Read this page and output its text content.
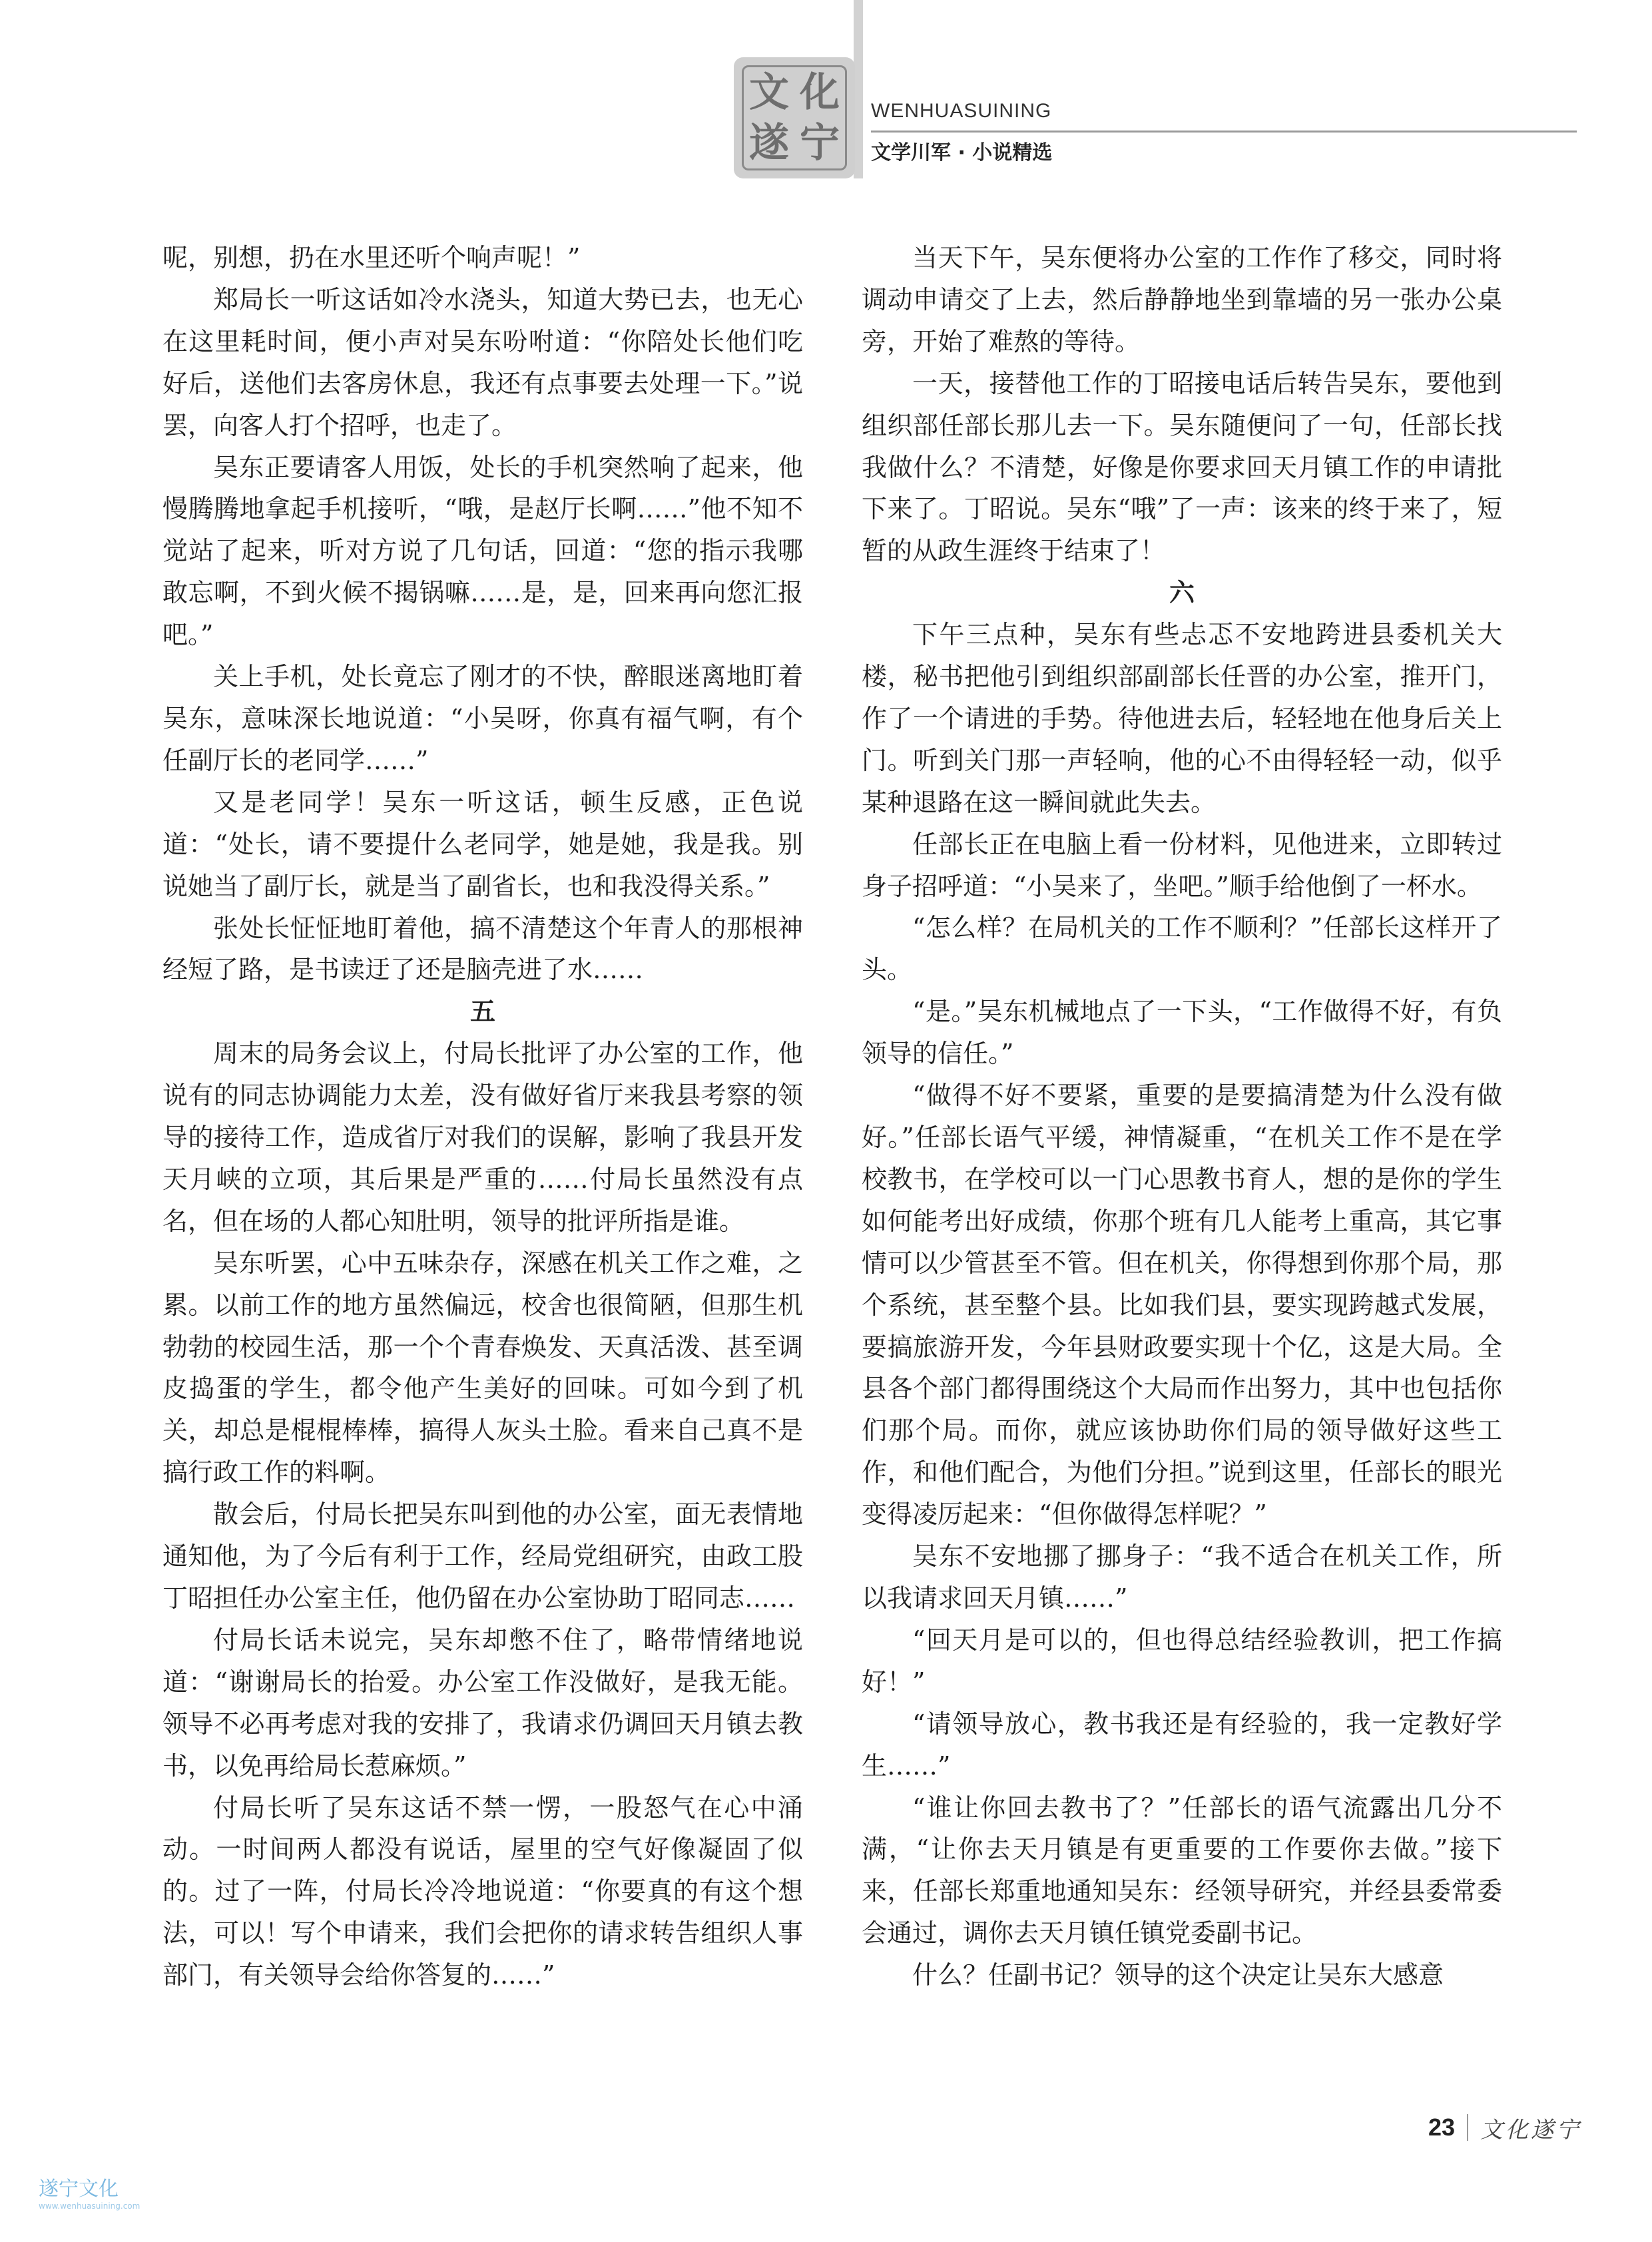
文 化
遂 宁
WENHUASUINING
文学川军 · 小说精选

呢，别想，扔在水里还听个响声呢！”

郑局长一听这话如冷水浇头，知道大势已去，也无心在这里耗时间，便小声对吴东吩咐道：“你陪处长他们吃好后，送他们去客房休息，我还有点事要去处理一下。”说罢，向客人打个招呼，也走了。

吴东正要请客人用饭，处长的手机突然响了起来，他慢腾腾地拿起手机接听，“哦，是赵厅长啊……”他不知不觉站了起来，听对方说了几句话，回道：“您的指示我哪敢忘啊，不到火候不揭锅嘛……是，是，回来再向您汇报吧。”

关上手机，处长竟忘了刚才的不快，醉眼迷离地盯着吴东，意味深长地说道：“小吴呀，你真有福气啊，有个任副厅长的老同学……”

又是老同学！吴东一听这话，顿生反感，正色说道：“处长，请不要提什么老同学，她是她，我是我。别说她当了副厅长，就是当了副省长，也和我没得关系。”

张处长怔怔地盯着他，搞不清楚这个年青人的那根神经短了路，是书读迂了还是脑壳进了水……

五

周末的局务会议上，付局长批评了办公室的工作，他说有的同志协调能力太差，没有做好省厅来我县考察的领导的接待工作，造成省厅对我们的误解，影响了我县开发天月峡的立项，其后果是严重的……付局长虽然没有点名，但在场的人都心知肚明，领导的批评所指是谁。

吴东听罢，心中五味杂存，深感在机关工作之难，之累。以前工作的地方虽然偏远，校舍也很简陋，但那生机勃勃的校园生活，那一个个青春焕发、天真活泼、甚至调皮捣蛋的学生，都令他产生美好的回味。可如今到了机关，却总是棍棍棒棒，搞得人灰头土脸。看来自己真不是搞行政工作的料啊。

散会后，付局长把吴东叫到他的办公室，面无表情地通知他，为了今后有利于工作，经局党组研究，由政工股丁昭担任办公室主任，他仍留在办公室协助丁昭同志……

付局长话未说完，吴东却憋不住了，略带情绪地说道：“谢谢局长的抬爱。办公室工作没做好，是我无能。领导不必再考虑对我的安排了，我请求仍调回天月镇去教书，以免再给局长惹麻烦。”

付局长听了吴东这话不禁一愣，一股怒气在心中涌动。一时间两人都没有说话，屋里的空气好像凝固了似的。过了一阵，付局长冷冷地说道：“你要真的有这个想法，可以！写个申请来，我们会把你的请求转告组织人事部门，有关领导会给你答复的……”

当天下午，吴东便将办公室的工作作了移交，同时将调动申请交了上去，然后静静地坐到靠墙的另一张办公桌旁，开始了难熬的等待。

一天，接替他工作的丁昭接电话后转告吴东，要他到组织部任部长那儿去一下。吴东随便问了一句，任部长找我做什么？不清楚，好像是你要求回天月镇工作的申请批下来了。丁昭说。吴东“哦”了一声：该来的终于来了，短暂的从政生涯终于结束了！

六

下午三点种，吴东有些忐忑不安地跨进县委机关大楼，秘书把他引到组织部副部长任晋的办公室，推开门，作了一个请进的手势。待他进去后，轻轻地在他身后关上门。听到关门那一声轻响，他的心不由得轻轻一动，似乎某种退路在这一瞬间就此失去。

任部长正在电脑上看一份材料，见他进来，立即转过身子招呼道：“小吴来了，坐吧。”顺手给他倒了一杯水。

“怎么样？在局机关的工作不顺利？”任部长这样开了头。

“是。”吴东机械地点了一下头，“工作做得不好，有负领导的信任。”

“做得不好不要紧，重要的是要搞清楚为什么没有做好。”任部长语气平缓，神情凝重，“在机关工作不是在学校教书，在学校可以一门心思教书育人，想的是你的学生如何能考出好成绩，你那个班有几人能考上重高，其它事情可以少管甚至不管。但在机关，你得想到你那个局，那个系统，甚至整个县。比如我们县，要实现跨越式发展，要搞旅游开发，今年县财政要实现十个亿，这是大局。全县各个部门都得围绕这个大局而作出努力，其中也包括你们那个局。而你，就应该协助你们局的领导做好这些工作，和他们配合，为他们分担。”说到这里，任部长的眼光变得凌厉起来：“但你做得怎样呢？”

吴东不安地挪了挪身子：“我不适合在机关工作，所以我请求回天月镇……”

“回天月是可以的，但也得总结经验教训，把工作搞好！”

“请领导放心，教书我还是有经验的，我一定教好学生……”

“谁让你回去教书了？”任部长的语气流露出几分不满，“让你去天月镇是有更重要的工作要你去做。”接下来，任部长郑重地通知吴东：经领导研究，并经县委常委会通过，调你去天月镇任镇党委副书记。

什么？任副书记？领导的这个决定让吴东大感意

23 文化遂宁
遂宁文化
www.wenhuasuining.com
